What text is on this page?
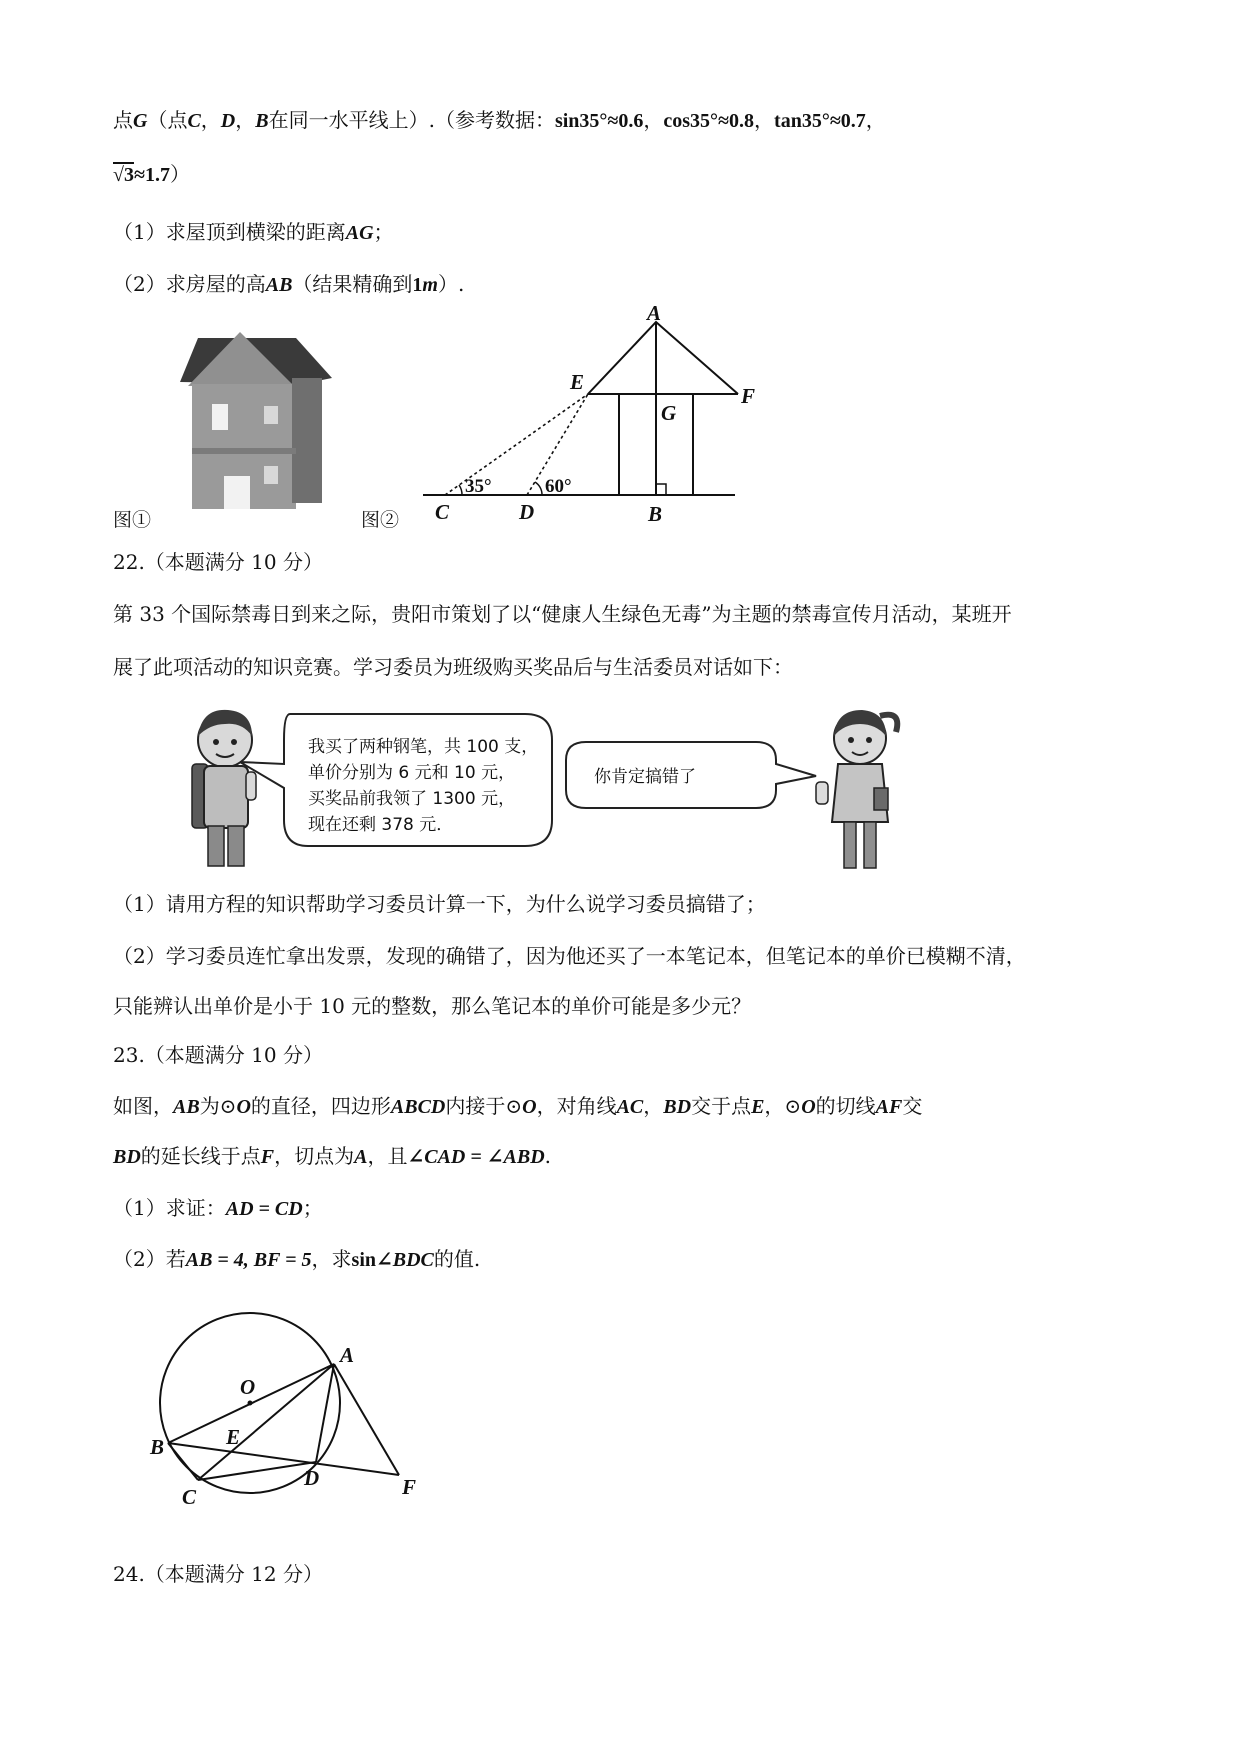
点G（点C，D，B在同一水平线上）.（参考数据：sin35°≈0.6，cos35°≈0.8，tan35°≈0.7，
√3≈1.7）
（1）求屋顶到横梁的距离AG；
（2）求房屋的高AB（结果精确到1m）.
图①	图②
A
E
G
F
C	D	B
35°	60°
22.（本题满分 10 分）
第 33 个国际禁毒日到来之际，贵阳市策划了以“健康人生绿色无毒”为主题的禁毒宣传月活动，某班开
展了此项活动的知识竞赛。学习委员为班级购买奖品后与生活委员对话如下：
我买了两种钢笔，共 100 支，
单价分别为 6 元和 10 元，
买奖品前我领了 1300 元，
现在还剩 378 元．
你肯定搞错了
（1）请用方程的知识帮助学习委员计算一下，为什么说学习委员搞错了；
（2）学习委员连忙拿出发票，发现的确错了，因为他还买了一本笔记本，但笔记本的单价已模糊不清，
只能辨认出单价是小于 10 元的整数，那么笔记本的单价可能是多少元？
23.（本题满分 10 分）
如图，AB为⊙O的直径，四边形ABCD内接于⊙O，对角线AC，BD交于点E，⊙O的切线AF交
BD的延长线于点F，切点为A，且∠CAD = ∠ABD.
（1）求证：AD = CD；
（2）若AB = 4, BF = 5，求sin∠BDC的值.
A
O
B	E
D
C	F
24.（本题满分 12 分）
